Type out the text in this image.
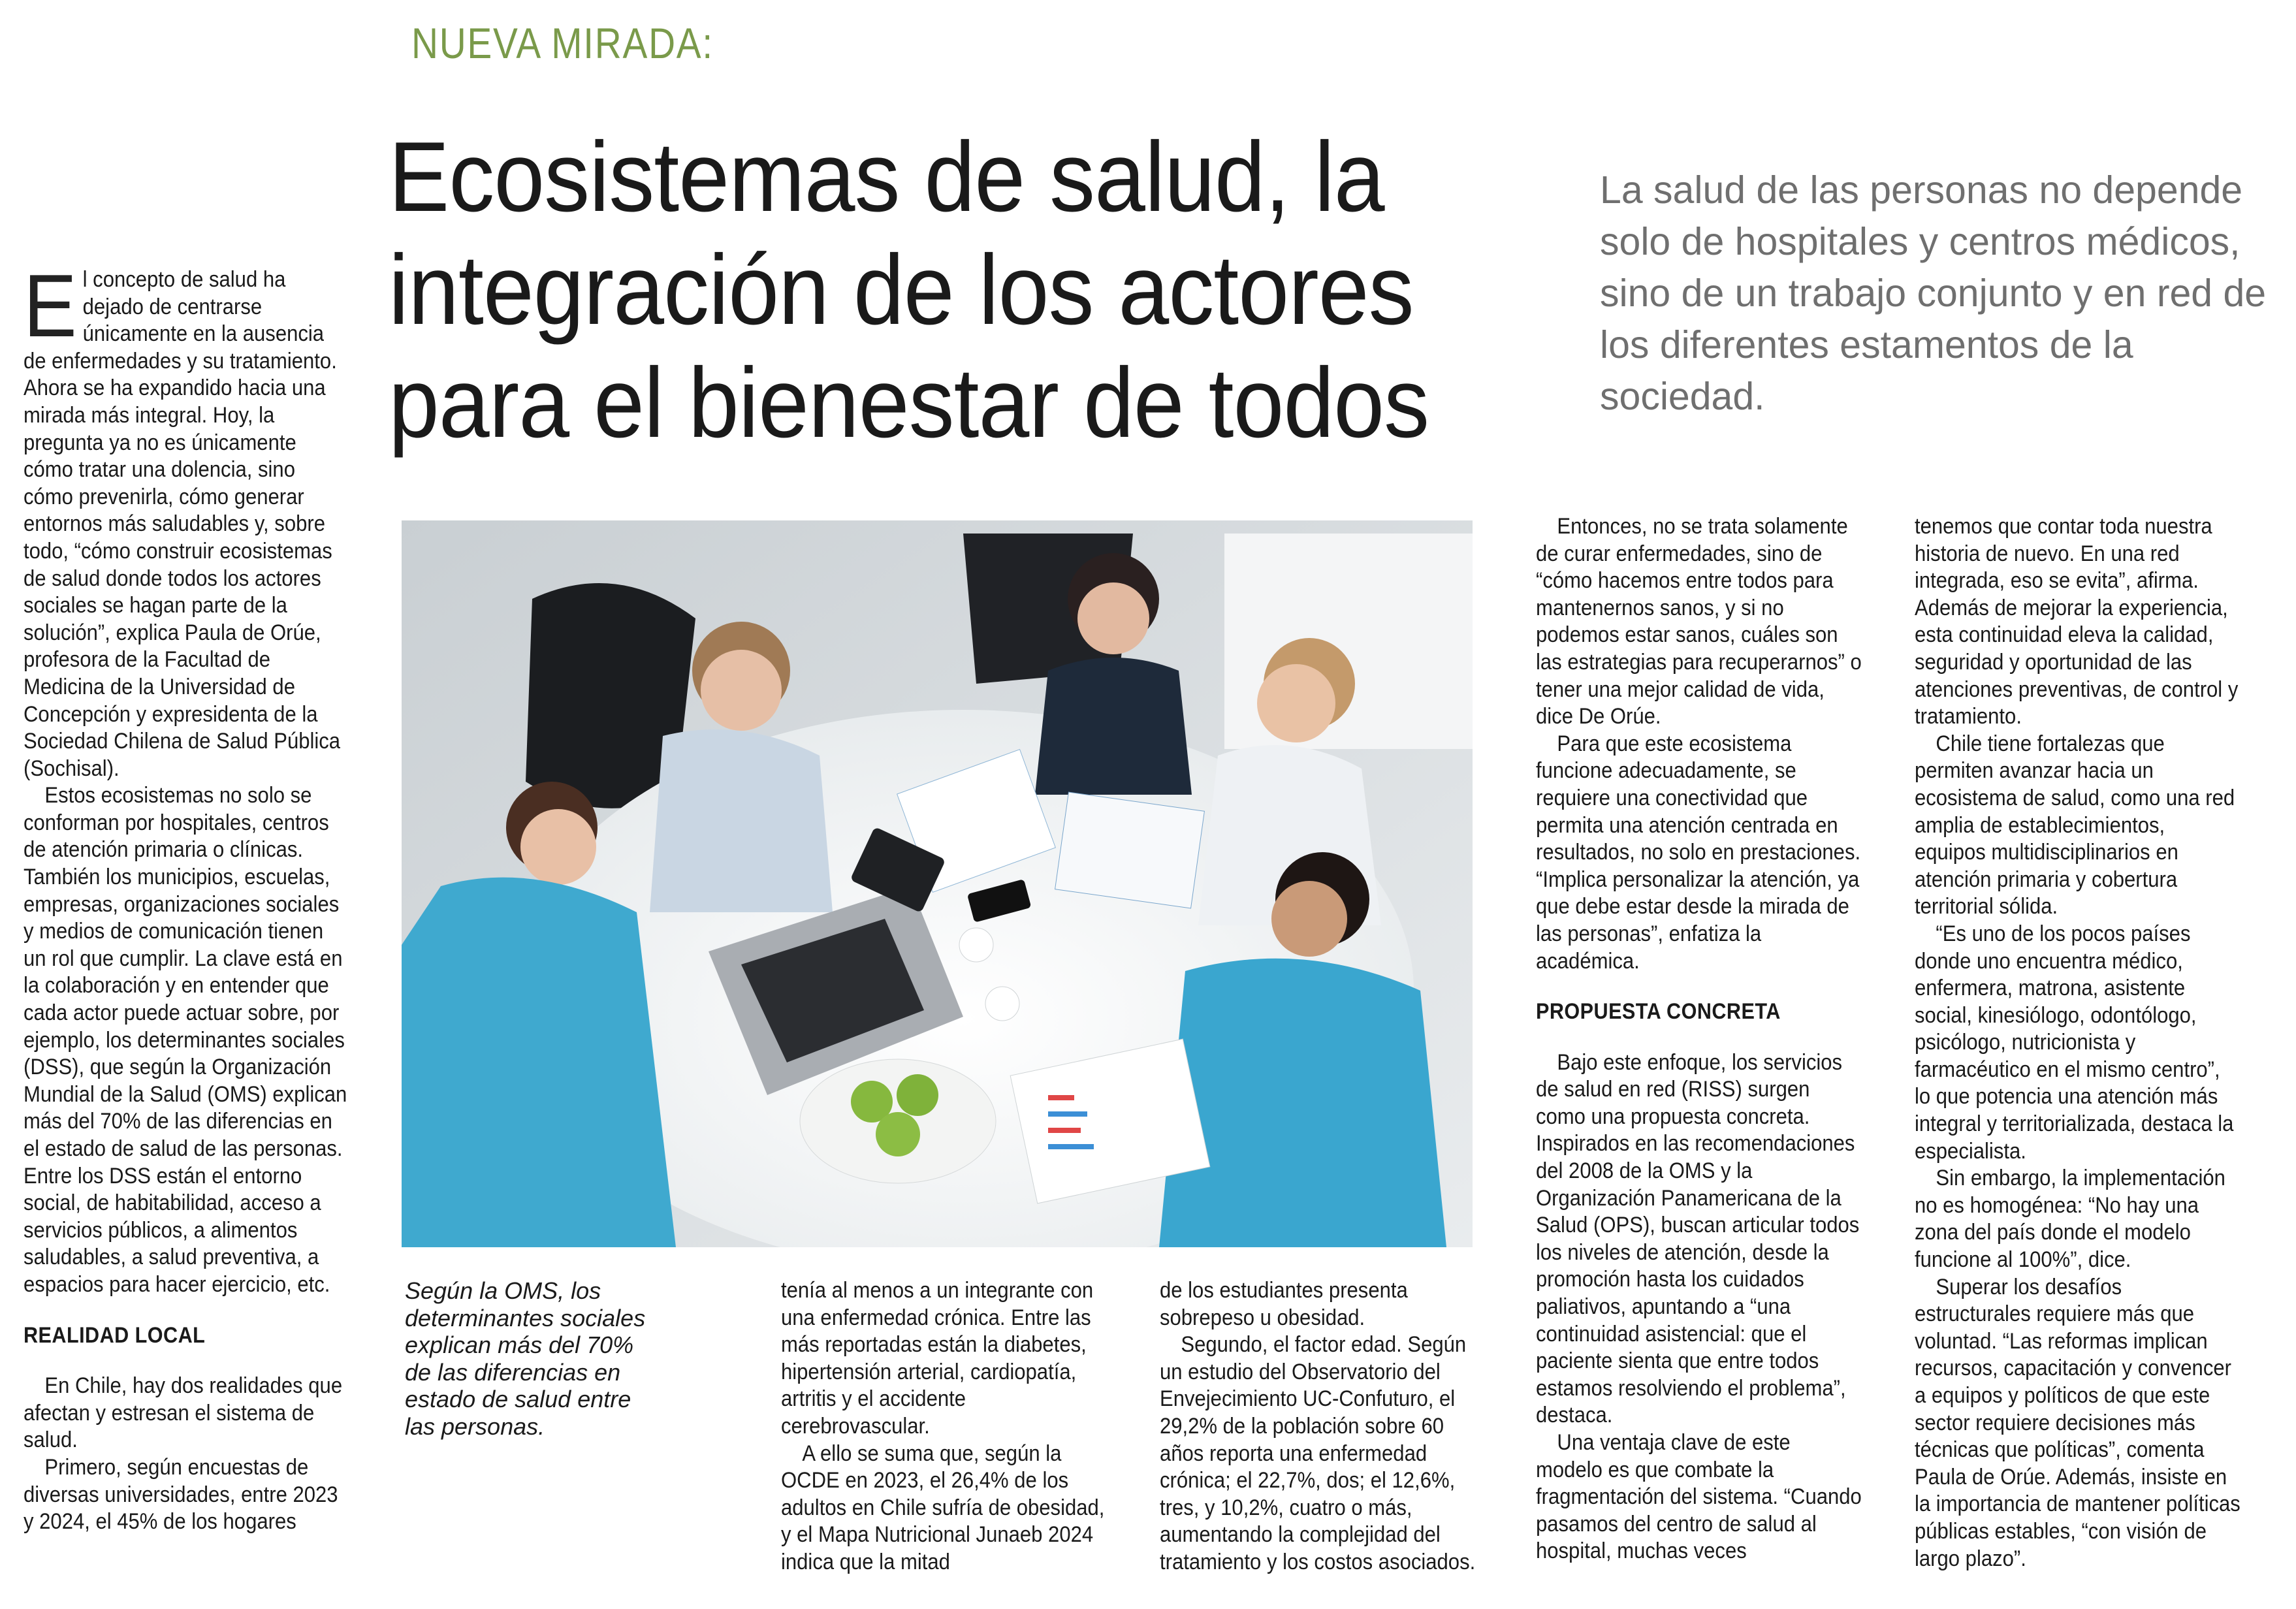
NUEVA MIRADA:
Ecosistemas de salud, la
integración de los actores
para el bienestar de todos
La salud de las personas no depende solo de hospitales y centros médicos, sino de un trabajo conjunto y en red de los diferentes estamentos de la sociedad.
Según la OMS, los determinantes sociales explican más del 70% de las diferencias en estado de salud entre las personas.
E l concepto de salud ha dejado de centrarse únicamente en la ausencia de enfermedades y su tratamiento. Ahora se ha expandido hacia una mirada más integral. Hoy, la pregunta ya no es únicamente cómo tratar una dolencia, sino cómo prevenirla, cómo generar entornos más saludables y, sobre todo, “cómo construir ecosistemas de salud donde todos los actores sociales se hagan parte de la solución”, explica Paula de Orúe, profesora de la Facultad de Medicina de la Universidad de Concepción y expresidenta de la Sociedad Chilena de Salud Pública (Sochisal).

Estos ecosistemas no solo se conforman por hospitales, centros de atención primaria o clínicas. También los municipios, escuelas, empresas, organizaciones sociales y medios de comunicación tienen un rol que cumplir. La clave está en la colaboración y en entender que cada actor puede actuar sobre, por ejemplo, los determinantes sociales (DSS), que según la Organización Mundial de la Salud (OMS) explican más del 70% de las diferencias en el estado de salud de las personas. Entre los DSS están el entorno social, de habitabilidad, acceso a servicios públicos, a alimentos saludables, a salud preventiva, a espacios para hacer ejercicio, etc.

REALIDAD LOCAL

En Chile, hay dos realidades que afectan y estresan el sistema de salud.

Primero, según encuestas de diversas universidades, entre 2023 y 2024, el 45% de los hogares

tenía al menos a un integrante con una enfermedad crónica. Entre las más reportadas están la diabetes, hipertensión arterial, cardiopatía, artritis y el accidente cerebrovascular.

A ello se suma que, según la OCDE en 2023, el 26,4% de los adultos en Chile sufría de obesidad, y el Mapa Nutricional Junaeb 2024 indica que la mitad

de los estudiantes presenta sobrepeso u obesidad.

Segundo, el factor edad. Según un estudio del Observatorio del Envejecimiento UC-Confuturo, el 29,2% de la población sobre 60 años reporta una enfermedad crónica; el 22,7%, dos; el 12,6%, tres, y 10,2%, cuatro o más, aumentando la complejidad del tratamiento y los costos asociados.

Entonces, no se trata solamente de curar enfermedades, sino de “cómo hacemos entre todos para mantenernos sanos, y si no podemos estar sanos, cuáles son las estrategias para recuperarnos” o tener una mejor calidad de vida, dice De Orúe.

Para que este ecosistema funcione adecuadamente, se requiere una conectividad que permita una atención centrada en resultados, no solo en prestaciones. “Implica personalizar la atención, ya que debe estar desde la mirada de las personas”, enfatiza la académica.

PROPUESTA CONCRETA

Bajo este enfoque, los servicios de salud en red (RISS) surgen como una propuesta concreta. Inspirados en las recomendaciones del 2008 de la OMS y la Organización Panamericana de la Salud (OPS), buscan articular todos los niveles de atención, desde la promoción hasta los cuidados paliativos, apuntando a “una continuidad asistencial: que el paciente sienta que entre todos estamos resolviendo el problema”, destaca.

Una ventaja clave de este modelo es que combate la fragmentación del sistema. “Cuando pasamos del centro de salud al hospital, muchas veces

tenemos que contar toda nuestra historia de nuevo. En una red integrada, eso se evita”, afirma. Además de mejorar la experiencia, esta continuidad eleva la calidad, seguridad y oportunidad de las atenciones preventivas, de control y tratamiento.

Chile tiene fortalezas que permiten avanzar hacia un ecosistema de salud, como una red amplia de establecimientos, equipos multidisciplinarios en atención primaria y cobertura territorial sólida.

“Es uno de los pocos países donde uno encuentra médico, enfermera, matrona, asistente social, kinesiólogo, odontólogo, psicólogo, nutricionista y farmacéutico en el mismo centro”, lo que potencia una atención más integral y territorializada, destaca la especialista.

Sin embargo, la implementación no es homogénea: “No hay una zona del país donde el modelo funcione al 100%”, dice.

Superar los desafíos estructurales requiere más que voluntad. “Las reformas implican recursos, capacitación y convencer a equipos y políticos de que este sector requiere decisiones más técnicas que políticas”, comenta Paula de Orúe. Además, insiste en la importancia de mantener políticas públicas estables, “con visión de largo plazo”.
